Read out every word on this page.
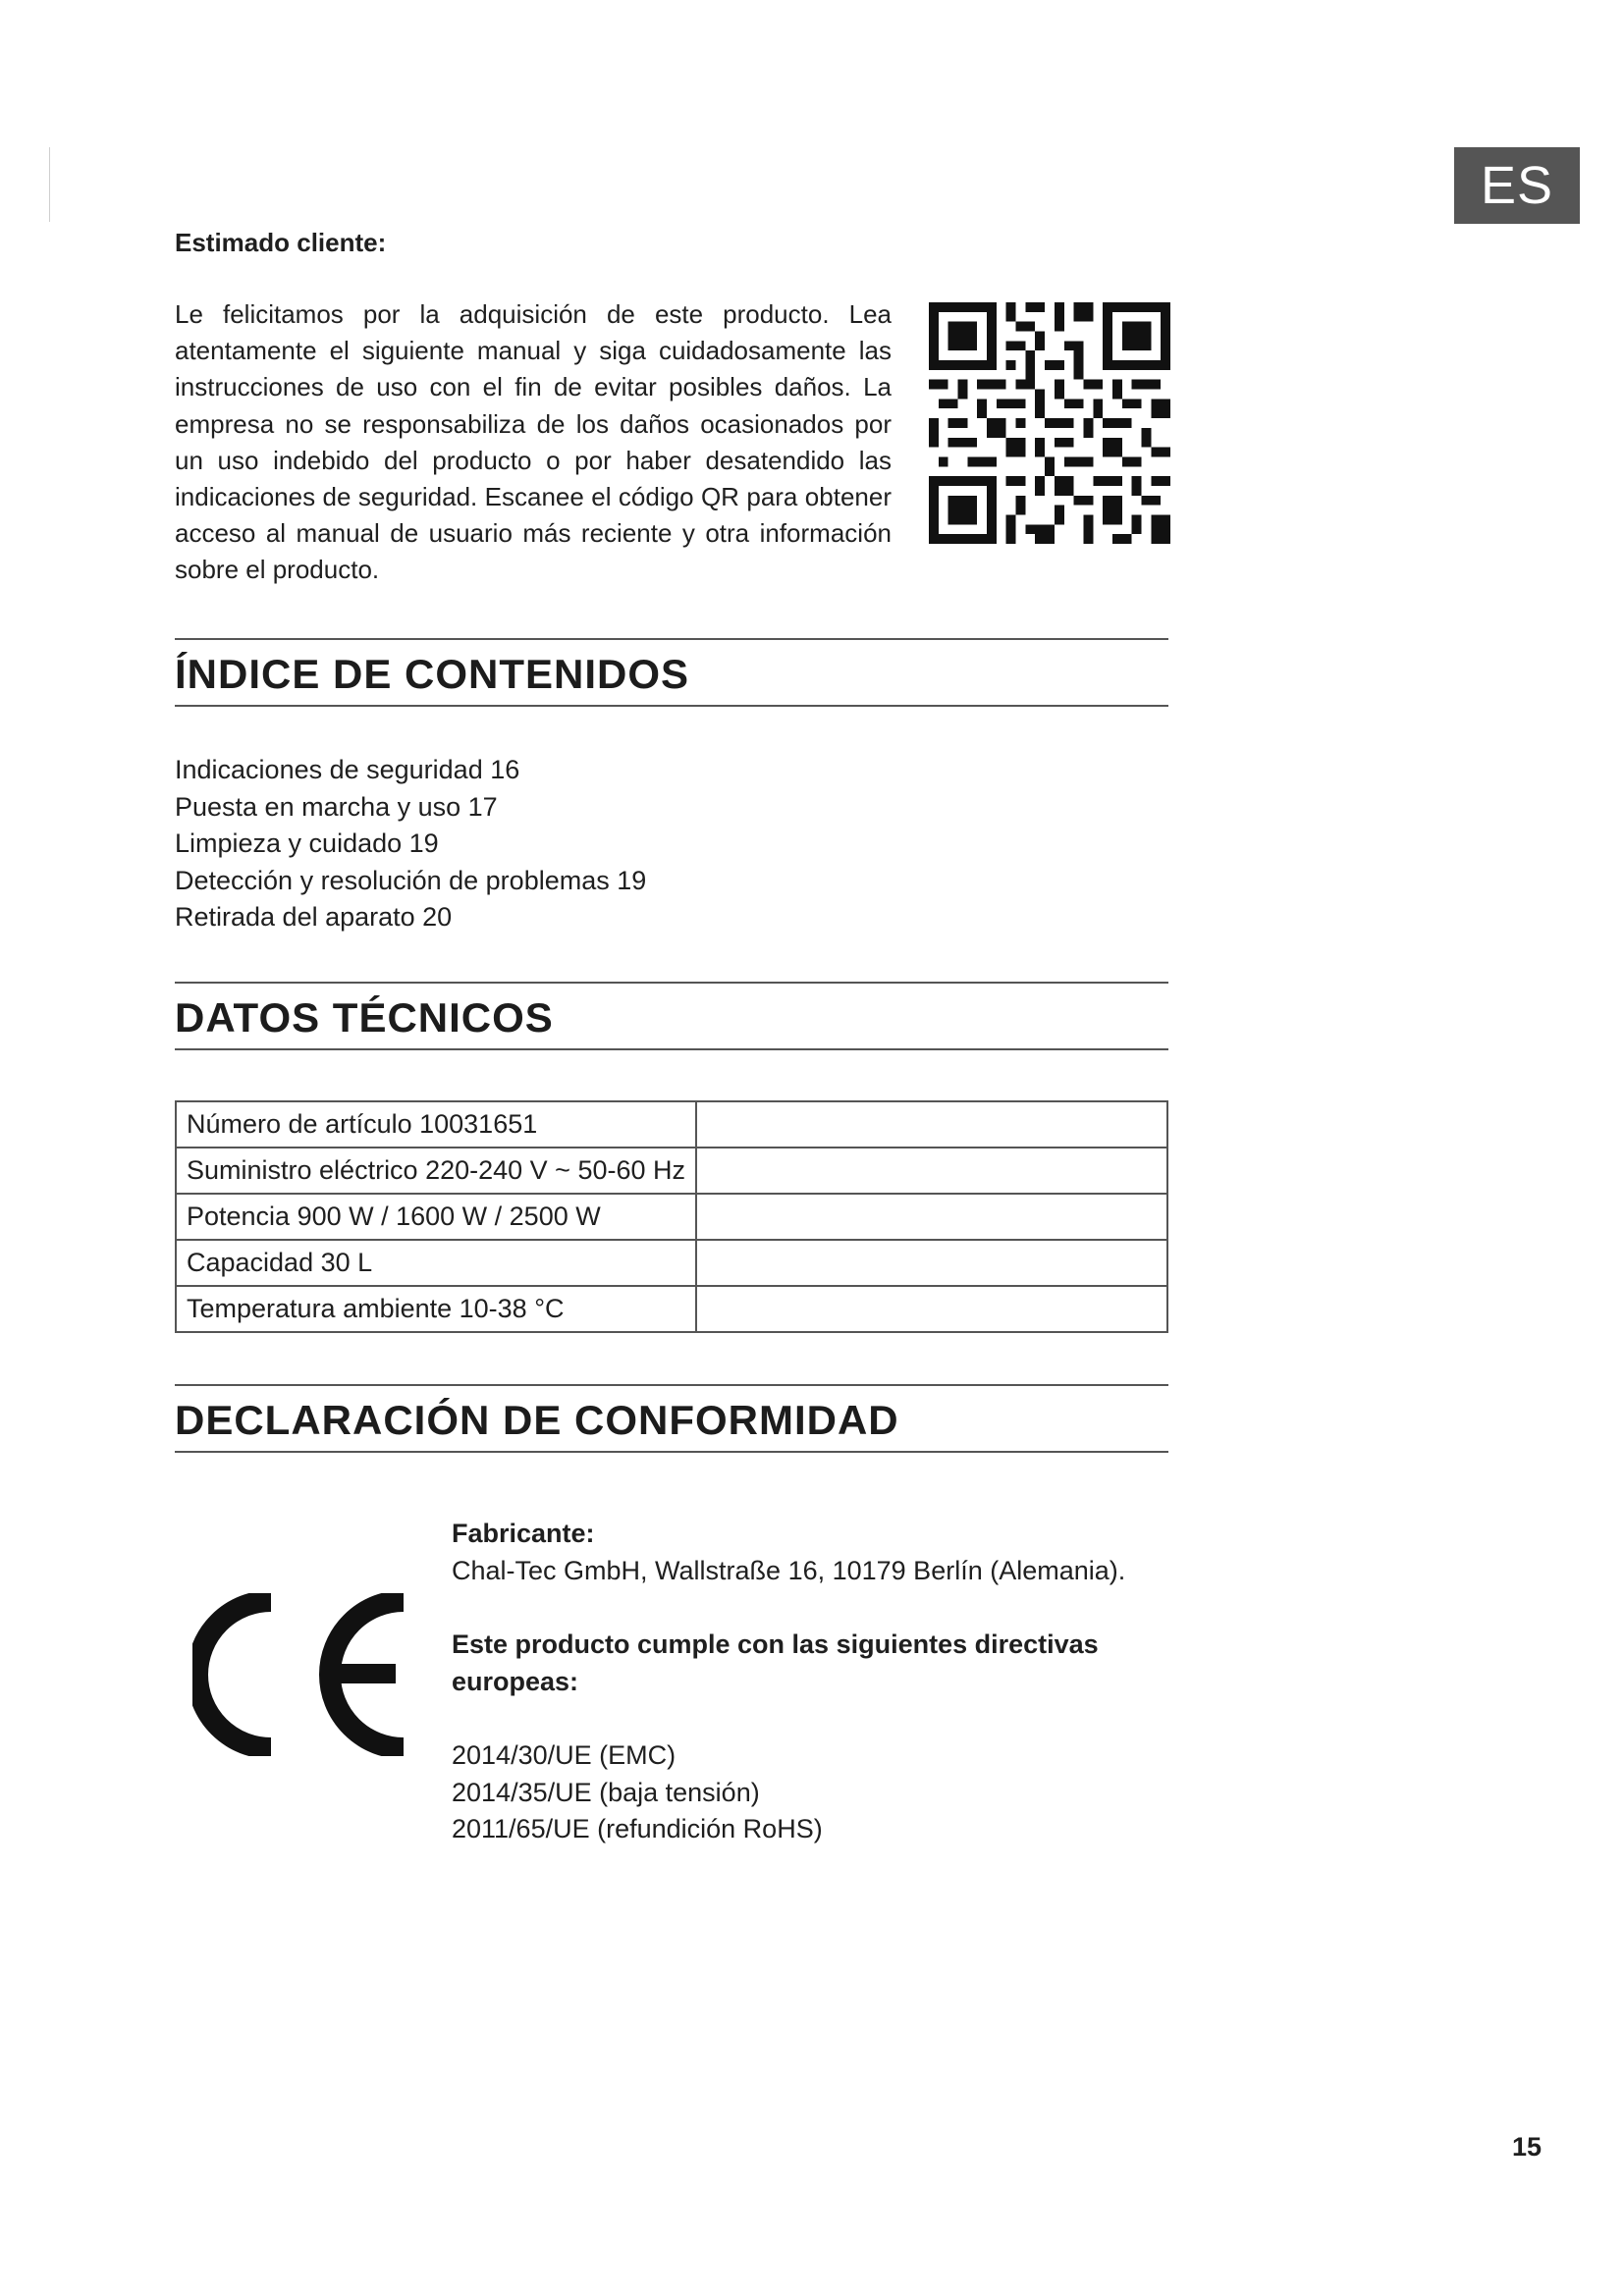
ES
Estimado cliente:

Le felicitamos por la adquisición de este producto. Lea atentamente el siguiente manual y siga cuidadosamente las instrucciones de uso con el fin de evitar posibles daños. La empresa no se responsabiliza de los daños ocasionados por un uso indebido del producto o por haber desatendido las indicaciones de seguridad. Escanee el código QR para obtener acceso al manual de usuario más reciente y otra información sobre el producto.

ÍNDICE DE CONTENIDOS
Indicaciones de seguridad 16
Puesta en marcha y uso 17
Limpieza y cuidado 19
Detección y resolución de problemas 19
Retirada del aparato 20
DATOS TÉCNICOS
Número de artículo 10031651	
Suministro eléctrico 220-240 V ~ 50-60 Hz	
Potencia 900 W / 1600 W / 2500 W	
Capacidad 30 L	
Temperatura ambiente 10-38 °C	
DECLARACIÓN DE CONFORMIDAD
Fabricante:
Chal-Tec GmbH, Wallstraße 16, 10179 Berlín (Alemania).
Este producto cumple con las siguientes directivas
europeas:
2014/30/UE (EMC)
2014/35/UE (baja tensión)
2011/65/UE (refundición RoHS)
15
